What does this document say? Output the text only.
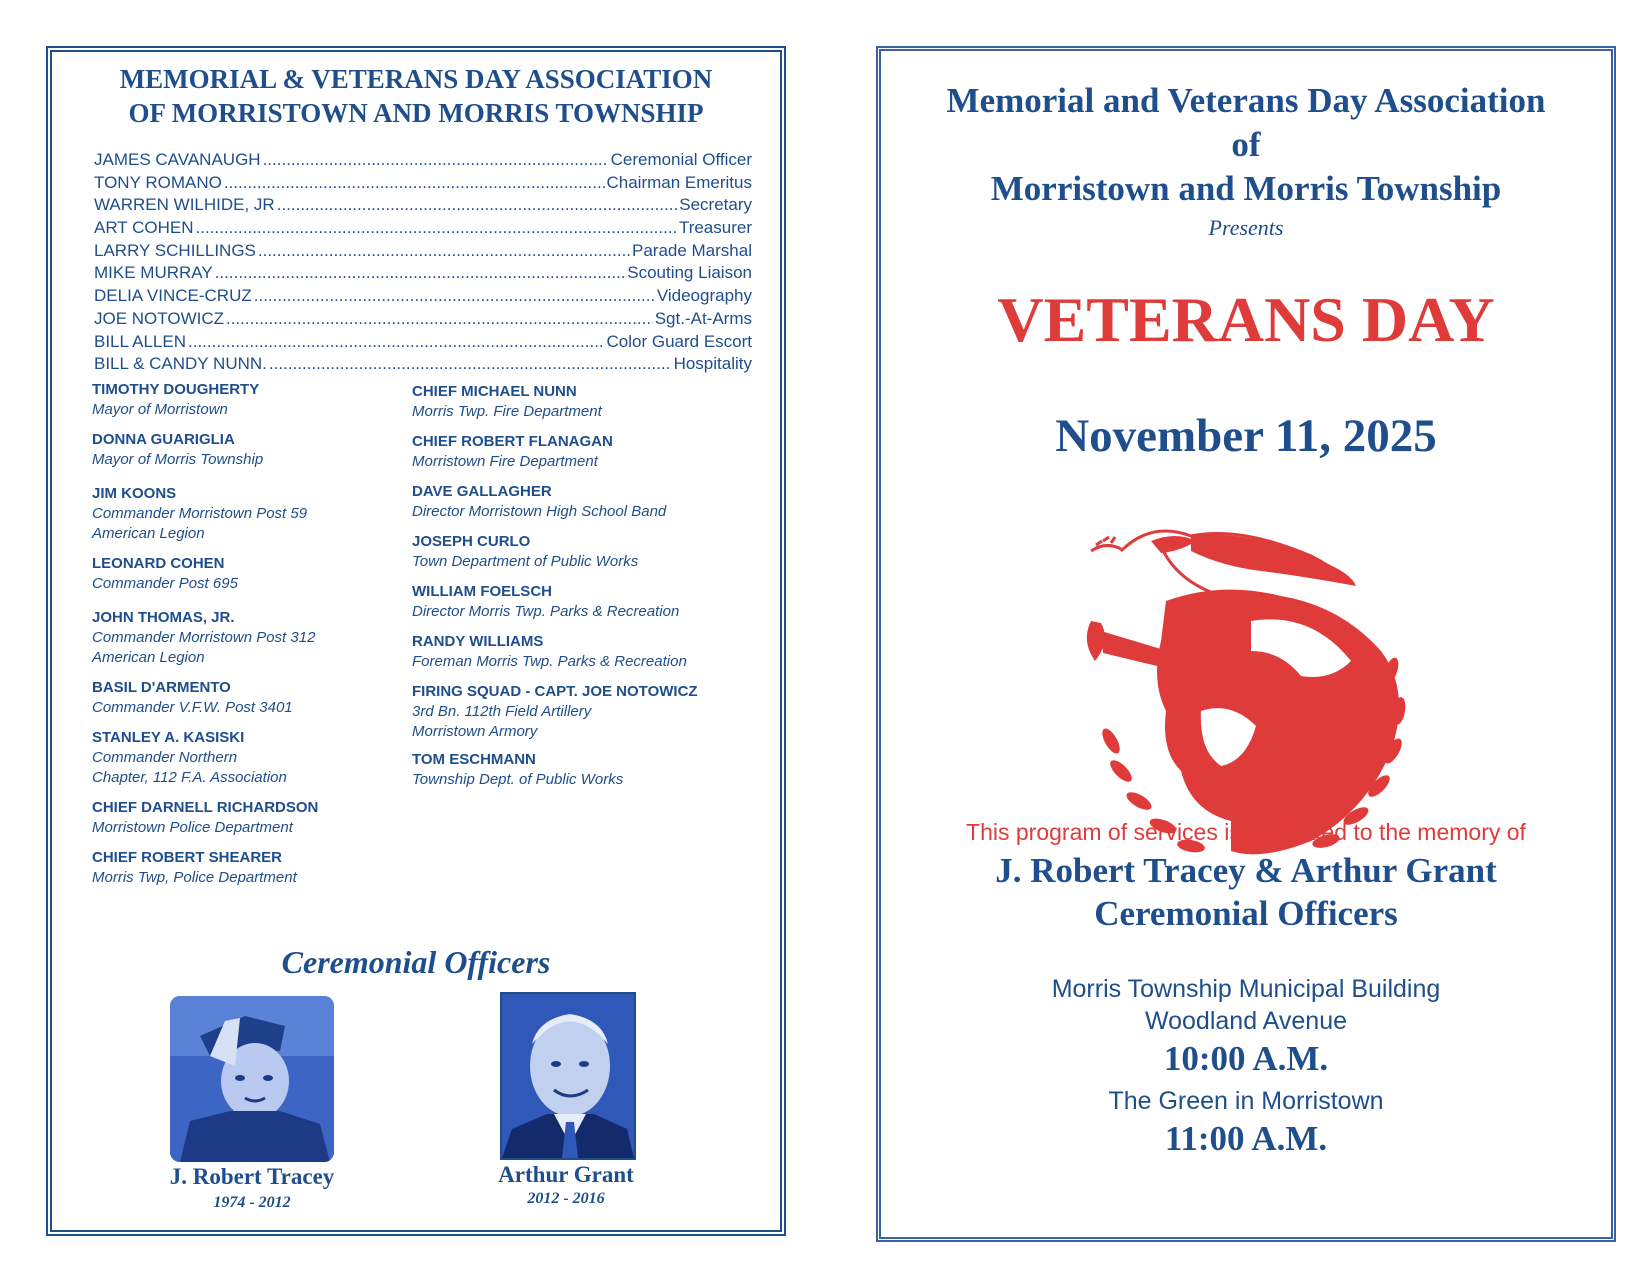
MEMORIAL & VETERANS DAY ASSOCIATION
OF MORRISTOWN AND MORRIS TOWNSHIP
JAMES CAVANAUGH .....	Ceremonial Officer
TONY ROMANO .....	Chairman Emeritus
WARREN WILHIDE, JR .....	Secretary
ART COHEN .....	Treasurer
LARRY SCHILLINGS .....	Parade Marshal
MIKE MURRAY .....	Scouting Liaison
DELIA VINCE-CRUZ .....	Videography
JOE NOTOWICZ .....	Sgt.-At-Arms
BILL ALLEN .....	Color Guard Escort
BILL & CANDY NUNN. .....	Hospitality
TIMOTHY DOUGHERTY
Mayor of Morristown
DONNA GUARIGLIA
Mayor of Morris Township
JIM KOONS
Commander Morristown Post 59
American Legion
LEONARD COHEN
Commander Post 695
JOHN THOMAS, JR.
Commander Morristown Post 312
American Legion
BASIL D'ARMENTO
Commander V.F.W. Post 3401
STANLEY A. KASISKI
Commander Northern
Chapter, 112 F.A. Association
CHIEF DARNELL RICHARDSON
Morristown Police Department
CHIEF ROBERT SHEARER
Morris Twp, Police Department
CHIEF MICHAEL NUNN
Morris Twp. Fire Department
CHIEF ROBERT FLANAGAN
Morristown Fire Department
DAVE GALLAGHER
Director Morristown High School Band
JOSEPH CURLO
Town Department of Public Works
WILLIAM FOELSCH
Director Morris Twp. Parks & Recreation
RANDY WILLIAMS
Foreman Morris Twp. Parks & Recreation
FIRING SQUAD - CAPT. JOE NOTOWICZ
3rd Bn. 112th Field Artillery
Morristown Armory
TOM ESCHMANN
Township Dept. of Public Works
Ceremonial Officers
J. Robert Tracey
1974 - 2012
Arthur Grant
2012 - 2016
Memorial and Veterans Day Association
of
Morristown and Morris Township
Presents
VETERANS DAY
November 11, 2025
This program of services is dedicated to the memory of
J. Robert Tracey & Arthur Grant
Ceremonial Officers
Morris Township Municipal Building
Woodland Avenue
10:00 A.M.
The Green in Morristown
11:00 A.M.
